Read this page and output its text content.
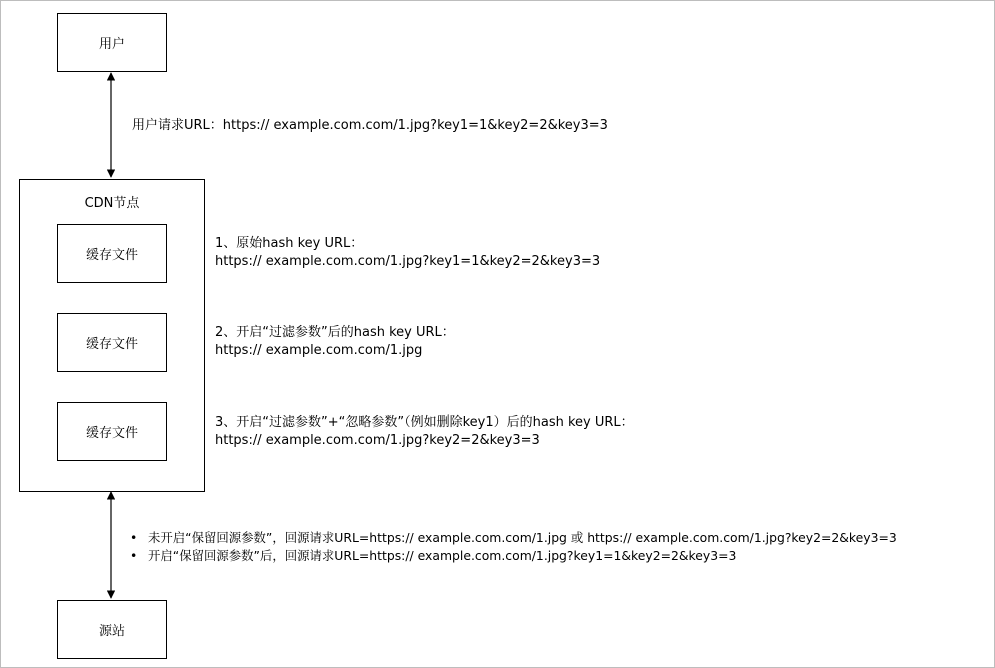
用户
用户请求URL：https:// example.com.com/1.jpg?key1=1&key2=2&key3=3
CDN节点
缓存文件
缓存文件
缓存文件
1、原始hash key URL：
https:// example.com.com/1.jpg?key1=1&key2=2&key3=3
2、开启“过滤参数”后的hash key URL：
https:// example.com.com/1.jpg
3、开启“过滤参数”+“忽略参数”（例如删除key1）后的hash key URL：
https:// example.com.com/1.jpg?key2=2&key3=3
• 未开启“保留回源参数”，回源请求URL=https:// example.com.com/1.jpg 或 https:// example.com.com/1.jpg?key2=2&key3=3
• 开启“保留回源参数”后，回源请求URL=https:// example.com.com/1.jpg?key1=1&key2=2&key3=3
源站
